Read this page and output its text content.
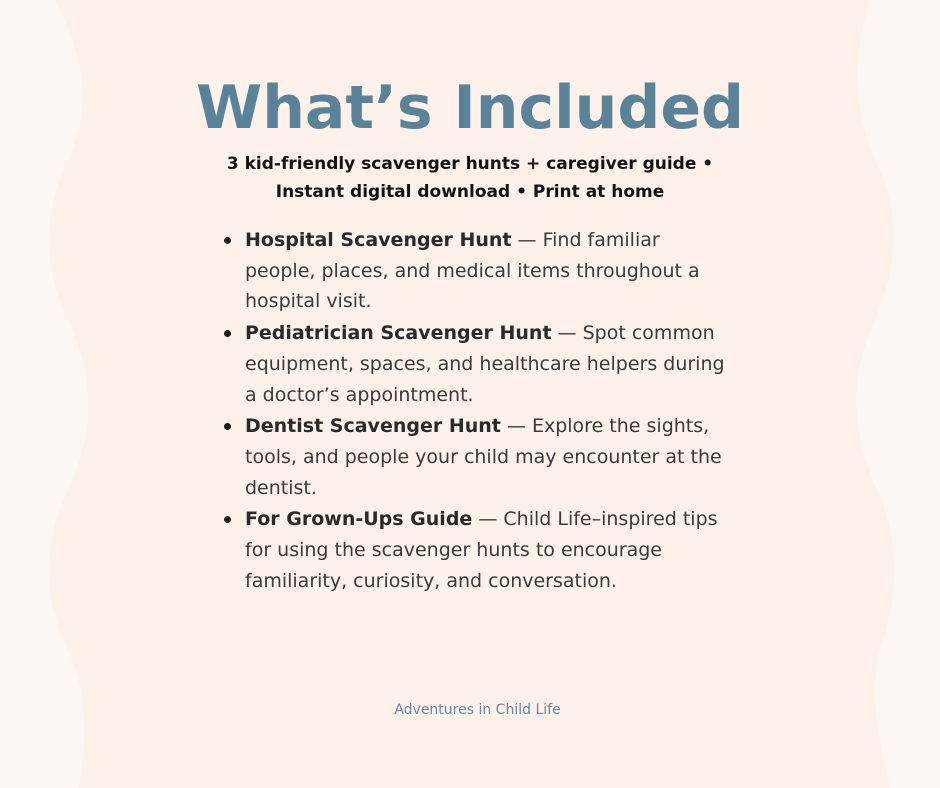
What’s Included
3 kid-friendly scavenger hunts + caregiver guide •
Instant digital download • Print at home
Hospital Scavenger Hunt — Find familiar people, places, and medical items throughout a hospital visit.
Pediatrician Scavenger Hunt — Spot common equipment, spaces, and healthcare helpers during a doctor’s appointment.
Dentist Scavenger Hunt — Explore the sights, tools, and people your child may encounter at the dentist.
For Grown-Ups Guide — Child Life–inspired tips for using the scavenger hunts to encourage familiarity, curiosity, and conversation.
Adventures in Child Life
